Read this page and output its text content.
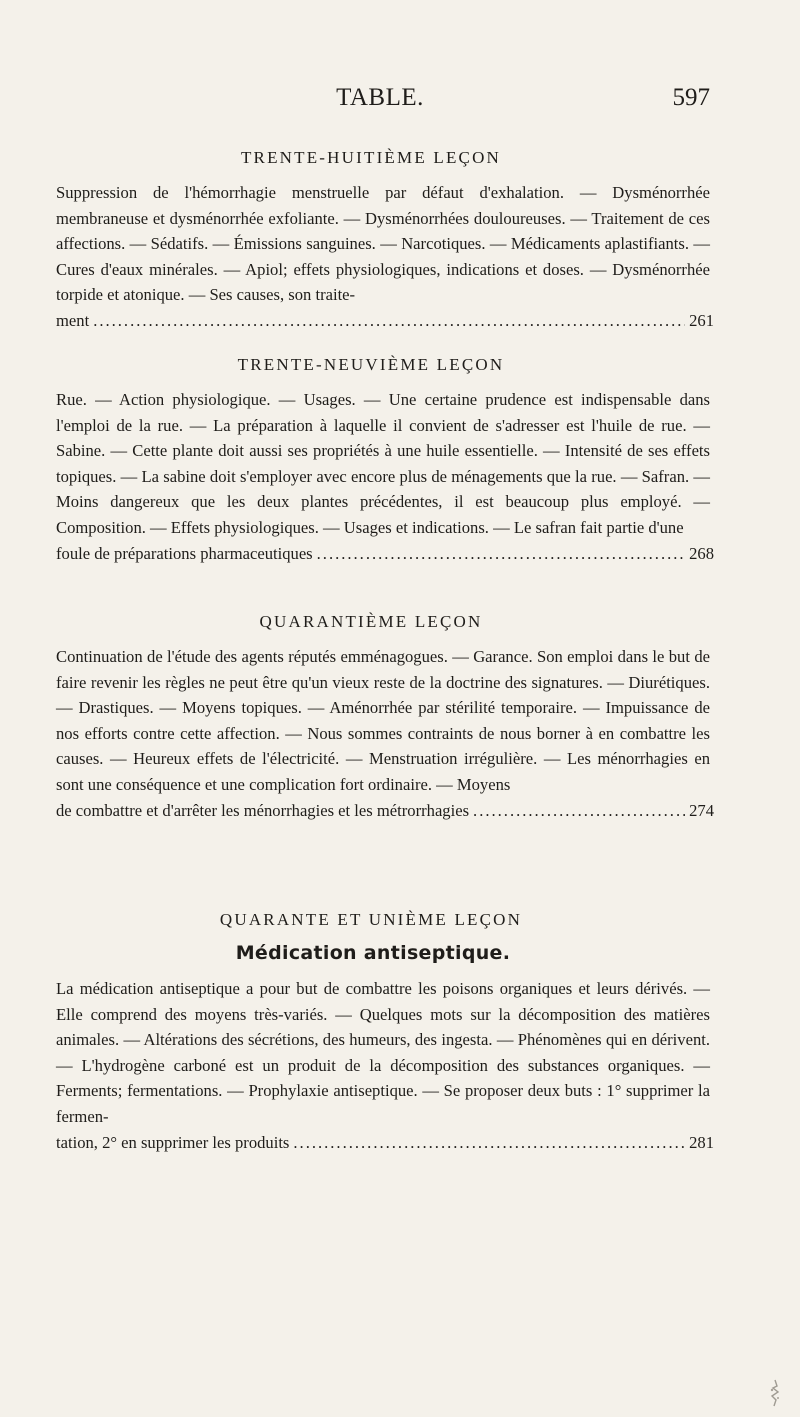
TABLE.	597
TRENTE-HUITIÈME LEÇON

Suppression de l'hémorrhagie menstruelle par défaut d'exhalation. — Dysménorrhée membraneuse et dysménorrhée exfoliante. — Dysménorrhées douloureuses. — Traitement de ces affections. — Sédatifs. — Émissions sanguines. — Narcotiques. — Médicaments aplastifiants. — Cures d'eaux minérales. — Apiol; effets physiologiques, indications et doses. — Dysménorrhée torpide et atonique. — Ses causes, son traite-

ment .....	261
TRENTE-NEUVIÈME LEÇON

Rue. — Action physiologique. — Usages. — Une certaine prudence est indispensable dans l'emploi de la rue. — La préparation à laquelle il convient de s'adresser est l'huile de rue. — Sabine. — Cette plante doit aussi ses propriétés à une huile essentielle. — Intensité de ses effets topiques. — La sabine doit s'employer avec encore plus de ménagements que la rue. — Safran. — Moins dangereux que les deux plantes précédentes, il est beaucoup plus employé. — Composition. — Effets physiologiques. — Usages et indications. — Le safran fait partie d'une

foule de préparations pharmaceutiques .....	268
QUARANTIÈME LEÇON

Continuation de l'étude des agents réputés emménagogues. — Garance. Son emploi dans le but de faire revenir les règles ne peut être qu'un vieux reste de la doctrine des signatures. — Diurétiques. — Drastiques. — Moyens topiques. — Aménorrhée par stérilité temporaire. — Impuissance de nos efforts contre cette affection. — Nous sommes contraints de nous borner à en combattre les causes. — Heureux effets de l'électricité. — Menstruation irrégulière. — Les ménorrhagies en sont une conséquence et une complication fort ordinaire. — Moyens

de combattre et d'arrêter les ménorrhagies et les métrorrhagies .....	274
QUARANTE ET UNIÈME LEÇON
Médication antiseptique.

La médication antiseptique a pour but de combattre les poisons organiques et leurs dérivés. — Elle comprend des moyens très-variés. — Quelques mots sur la décomposition des matières animales. — Altérations des sécrétions, des humeurs, des ingesta. — Phénomènes qui en dérivent. — L'hydrogène carboné est un produit de la décomposition des substances organiques. — Ferments; fermentations. — Prophylaxie antiseptique. — Se proposer deux buts : 1° supprimer la fermen-

tation, 2° en supprimer les produits .....	281
